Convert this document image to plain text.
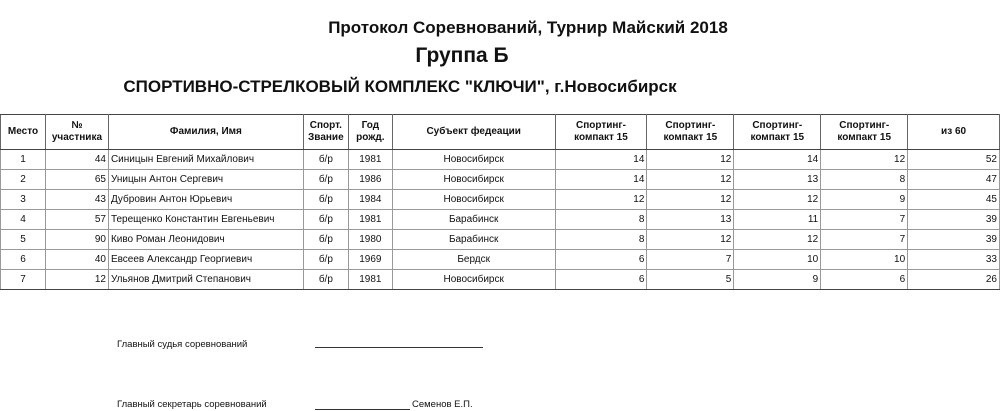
Протокол Соревнований, Турнир Майский 2018
Группа Б
СПОРТИВНО-СТРЕЛКОВЫЙ КОМПЛЕКС "КЛЮЧИ", г.Новосибирск
Место	№ участника	Фамилия, Имя	Спорт. Звание	Год рожд.	Субъект федеации	Спортинг-компакт 15	Спортинг-компакт 15	Спортинг-компакт 15	Спортинг-компакт 15	из 60
1	44	Синицын Евгений Михайлович	б/р	1981	Новосибирск	14	12	14	12	52
2	65	Уницын Антон Сергевич	б/р	1986	Новосибирск	14	12	13	8	47
3	43	Дубровин Антон Юрьевич	б/р	1984	Новосибирск	12	12	12	9	45
4	57	Терещенко Константин Евгеньевич	б/р	1981	Барабинск	8	13	11	7	39
5	90	Киво Роман Леонидович	б/р	1980	Барабинск	8	12	12	7	39
6	40	Евсеев Александр Георгиевич	б/р	1969	Бердск	6	7	10	10	33
7	12	Ульянов Дмитрий Степанович	б/р	1981	Новосибирск	6	5	9	6	26
Главный судья соревнований
Главный секретарь соревнований	Семенов Е.П.
